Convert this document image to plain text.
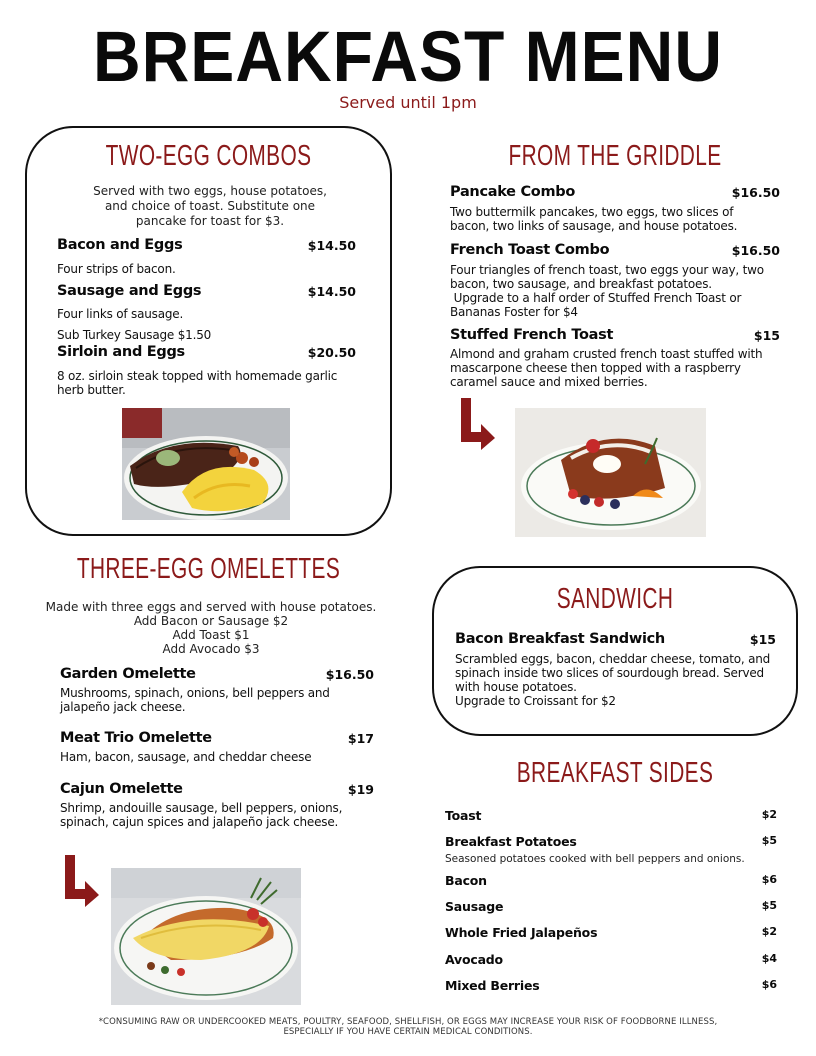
BREAKFAST MENU
Served until 1pm
TWO-EGG COMBOS
Served with two eggs, house potatoes,
and choice of toast. Substitute one
pancake for toast for $3.
Bacon and Eggs	$14.50
Four strips of bacon.
Sausage and Eggs	$14.50
Four links of sausage.
Sub Turkey Sausage $1.50
Sirloin and Eggs	$20.50
8 oz. sirloin steak topped with homemade garlic
herb butter.
FROM THE GRIDDLE
Pancake Combo	$16.50
Two buttermilk pancakes, two eggs, two slices of
bacon, two links of sausage, and house potatoes.
French Toast Combo	$16.50
Four triangles of french toast, two eggs your way, two
bacon, two sausage, and breakfast potatoes.
Upgrade to a half order of Stuffed French Toast or
Bananas Foster for $4
Stuffed French Toast	$15
Almond and graham crusted french toast stuffed with
mascarpone cheese then topped with a raspberry
caramel sauce and mixed berries.
THREE-EGG OMELETTES
Made with three eggs and served with house potatoes.
Add Bacon or Sausage $2
Add Toast $1
Add Avocado $3
Garden Omelette	$16.50
Mushrooms, spinach, onions, bell peppers and
jalapeño jack cheese.
Meat Trio Omelette	$17
Ham, bacon, sausage, and cheddar cheese
Cajun Omelette	$19
Shrimp, andouille sausage, bell peppers, onions,
spinach, cajun spices and jalapeño jack cheese.
SANDWICH
Bacon Breakfast Sandwich	$15
Scrambled eggs, bacon, cheddar cheese, tomato, and
spinach inside two slices of sourdough bread. Served
with house potatoes.
Upgrade to Croissant for $2
BREAKFAST SIDES
Toast	$2
Breakfast Potatoes	$5
Seasoned potatoes cooked with bell peppers and onions.
Bacon	$6
Sausage	$5
Whole Fried Jalapeños	$2
Avocado	$4
Mixed Berries	$6
*CONSUMING RAW OR UNDERCOOKED MEATS, POULTRY, SEAFOOD, SHELLFISH, OR EGGS MAY INCREASE YOUR RISK OF FOODBORNE ILLNESS,
ESPECIALLY IF YOU HAVE CERTAIN MEDICAL CONDITIONS.
